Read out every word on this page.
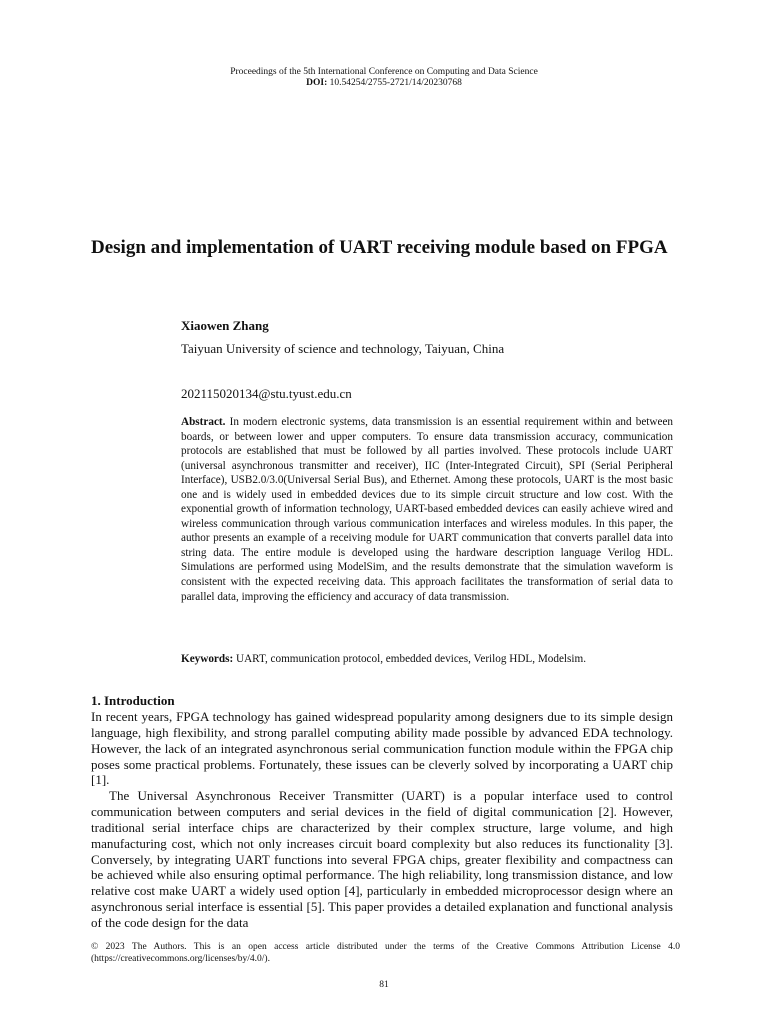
Proceedings of the 5th International Conference on Computing and Data Science
DOI: 10.54254/2755-2721/14/20230768
Design and implementation of UART receiving module based on FPGA
Xiaowen Zhang
Taiyuan University of science and technology, Taiyuan, China
202115020134@stu.tyust.edu.cn
Abstract. In modern electronic systems, data transmission is an essential requirement within and between boards, or between lower and upper computers. To ensure data transmission accuracy, communication protocols are established that must be followed by all parties involved. These protocols include UART (universal asynchronous transmitter and receiver), IIC (Inter-Integrated Circuit), SPI (Serial Peripheral Interface), USB2.0/3.0(Universal Serial Bus), and Ethernet. Among these protocols, UART is the most basic one and is widely used in embedded devices due to its simple circuit structure and low cost. With the exponential growth of information technology, UART-based embedded devices can easily achieve wired and wireless communication through various communication interfaces and wireless modules. In this paper, the author presents an example of a receiving module for UART communication that converts parallel data into string data. The entire module is developed using the hardware description language Verilog HDL. Simulations are performed using ModelSim, and the results demonstrate that the simulation waveform is consistent with the expected receiving data. This approach facilitates the transformation of serial data to parallel data, improving the efficiency and accuracy of data transmission.
Keywords: UART, communication protocol, embedded devices, Verilog HDL, Modelsim.
1. Introduction

In recent years, FPGA technology has gained widespread popularity among designers due to its simple design language, high flexibility, and strong parallel computing ability made possible by advanced EDA technology. However, the lack of an integrated asynchronous serial communication function module within the FPGA chip poses some practical problems. Fortunately, these issues can be cleverly solved by incorporating a UART chip [1].

The Universal Asynchronous Receiver Transmitter (UART) is a popular interface used to control communication between computers and serial devices in the field of digital communication [2]. However, traditional serial interface chips are characterized by their complex structure, large volume, and high manufacturing cost, which not only increases circuit board complexity but also reduces its functionality [3]. Conversely, by integrating UART functions into several FPGA chips, greater flexibility and compactness can be achieved while also ensuring optimal performance. The high reliability, long transmission distance, and low relative cost make UART a widely used option [4], particularly in embedded microprocessor design where an asynchronous serial interface is essential [5]. This paper provides a detailed explanation and functional analysis of the code design for the data

© 2023 The Authors. This is an open access article distributed under the terms of the Creative Commons Attribution License 4.0 (https://creativecommons.org/licenses/by/4.0/).
81
